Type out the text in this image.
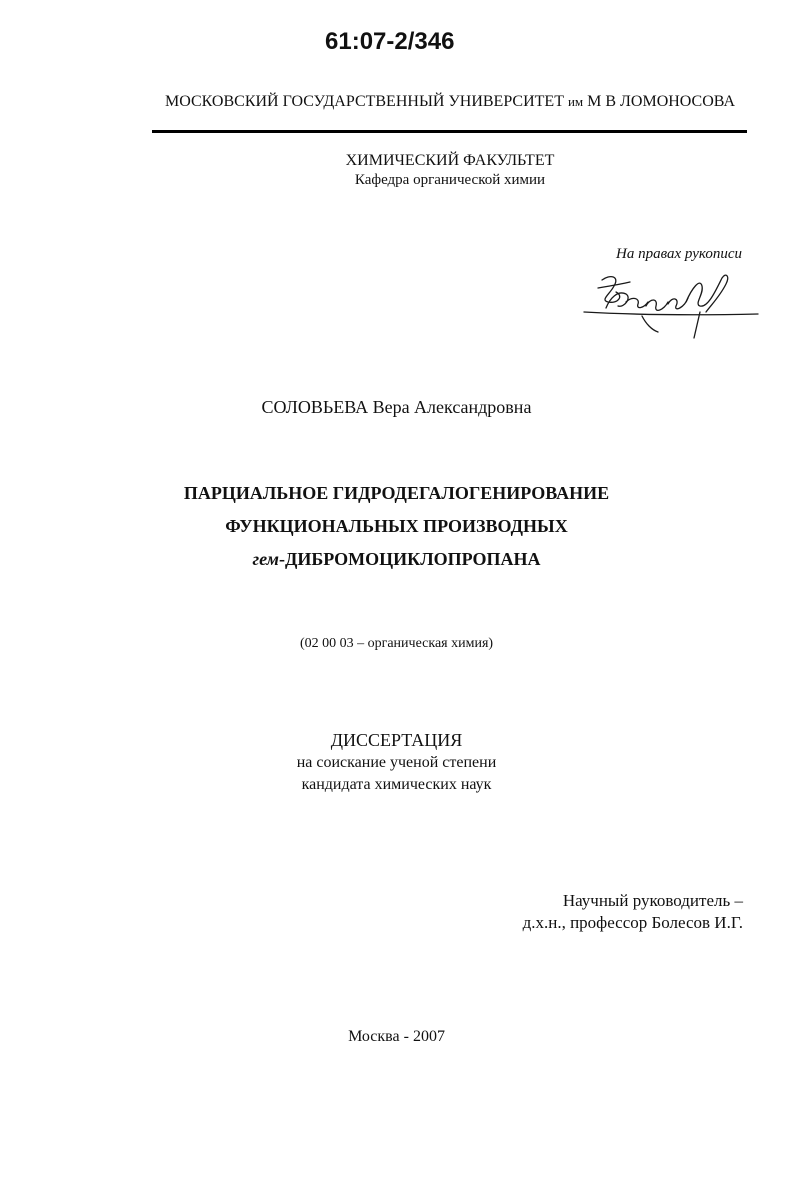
61:07-2/346
МОСКОВСКИЙ ГОСУДАРСТВЕННЫЙ УНИВЕРСИТЕТ им М В ЛОМОНОСОВА
ХИМИЧЕСКИЙ ФАКУЛЬТЕТ
Кафедра органической химии
На правах рукописи
СОЛОВЬЕВА Вера Александровна
ПАРЦИАЛЬНОЕ ГИДРОДЕГАЛОГЕНИРОВАНИЕ
ФУНКЦИОНАЛЬНЫХ ПРОИЗВОДНЫХ
гем-ДИБРОМОЦИКЛОПРОПАНА
(02 00 03 – органическая химия)
ДИССЕРТАЦИЯ
на соискание ученой степени
кандидата химических наук
Научный руководитель –
д.х.н., профессор Болесов И.Г.
Москва - 2007
